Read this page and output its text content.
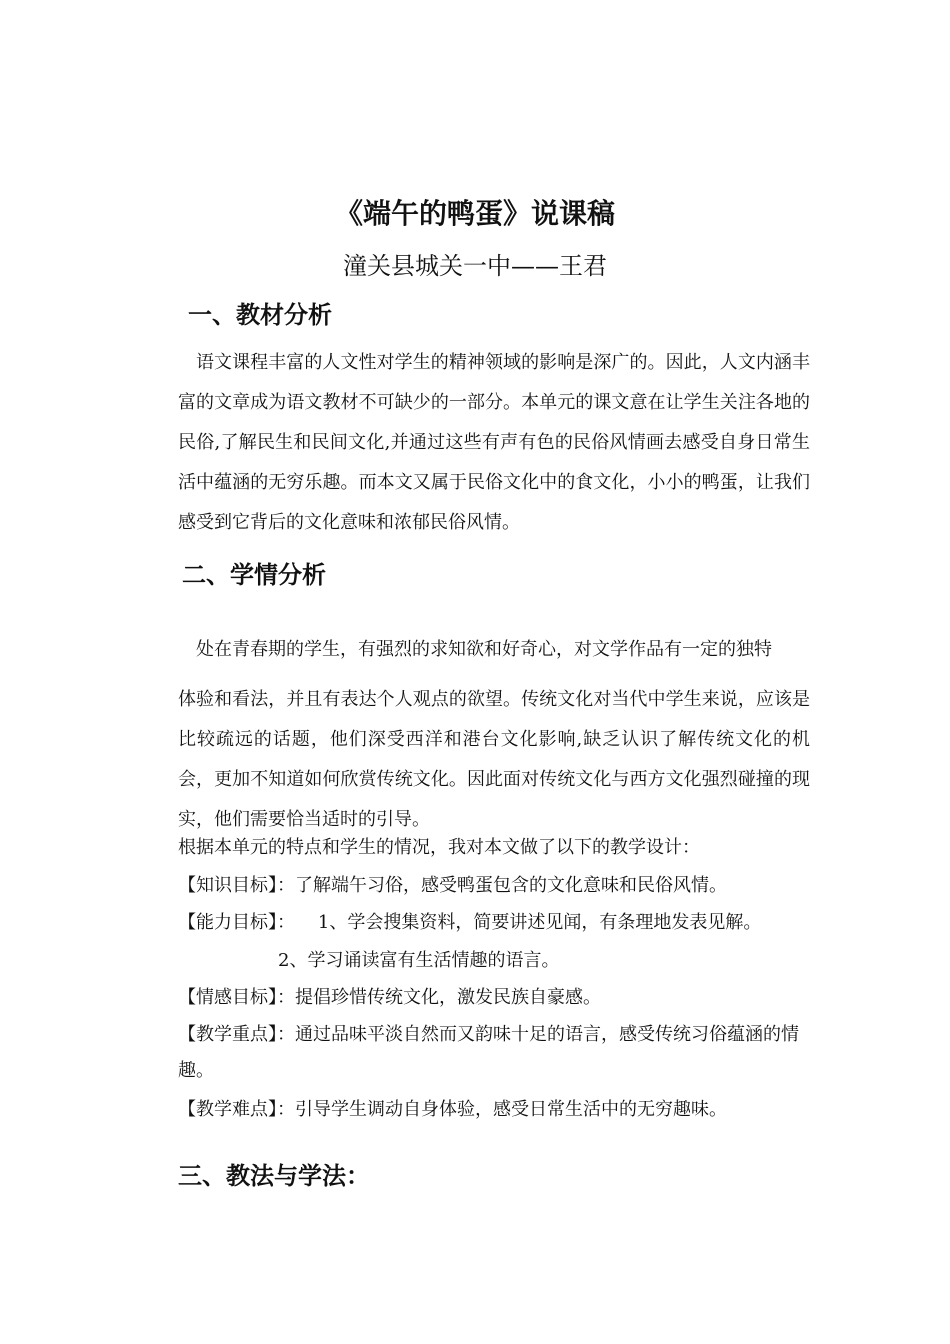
《端午的鸭蛋》说课稿
潼关县城关一中——王君
一、教材分析
语文课程丰富的人文性对学生的精神领域的影响是深广的。因此，人文内涵丰富的文章成为语文教材不可缺少的一部分。本单元的课文意在让学生关注各地的民俗,了解民生和民间文化,并通过这些有声有色的民俗风情画去感受自身日常生活中蕴涵的无穷乐趣。而本文又属于民俗文化中的食文化，小小的鸭蛋，让我们感受到它背后的文化意味和浓郁民俗风情。
二、学情分析
处在青春期的学生，有强烈的求知欲和好奇心，对文学作品有一定的独特
体验和看法，并且有表达个人观点的欲望。传统文化对当代中学生来说，应该是比较疏远的话题，他们深受西洋和港台文化影响,缺乏认识了解传统文化的机会，更加不知道如何欣赏传统文化。因此面对传统文化与西方文化强烈碰撞的现实，他们需要恰当适时的引导。
根据本单元的特点和学生的情况，我对本文做了以下的教学设计：
【知识目标】：了解端午习俗，感受鸭蛋包含的文化意味和民俗风情。
【能力目标】：    1、学会搜集资料，简要讲述见闻，有条理地发表见解。
2、学习诵读富有生活情趣的语言。
【情感目标】：提倡珍惜传统文化，激发民族自豪感。
【教学重点】：通过品味平淡自然而又韵味十足的语言，感受传统习俗蕴涵的情趣。
【教学难点】：引导学生调动自身体验，感受日常生活中的无穷趣味。
三、教法与学法：
